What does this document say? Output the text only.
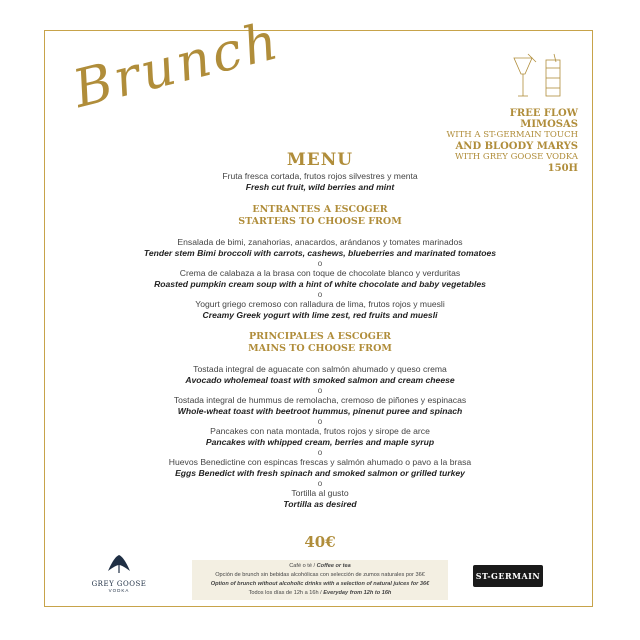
Brunch	FREE FLOW
MIMOSAS
WITH A ST-GERMAIN TOUCH
AND BLOODY MARYS
WITH GREY GOOSE VODKA
150H
MENU
Fruta fresca cortada, frutos rojos silvestres y menta
Fresh cut fruit, wild berries and mint
ENTRANTES A ESCOGER
STARTERS TO CHOOSE FROM
Ensalada de bimi, zanahorias, anacardos, arándanos y tomates marinados
Tender stem Bimi broccoli with carrots, cashews, blueberries and marinated tomatoes
o
Crema de calabaza a la brasa con toque de chocolate blanco y verduritas
Roasted pumpkin cream soup with a hint of white chocolate and baby vegetables
o
Yogurt griego cremoso con ralladura de lima, frutos rojos y muesli
Creamy Greek yogurt with lime zest, red fruits and muesli
PRINCIPALES A ESCOGER
MAINS TO CHOOSE FROM
Tostada integral de aguacate con salmón ahumado y queso crema
Avocado wholemeal toast with smoked salmon and cream cheese
o
Tostada integral de hummus de remolacha, cremoso de piñones y espinacas
Whole-wheat toast with beetroot hummus, pinenut puree and spinach
o
Pancakes con nata montada, frutos rojos y sirope de arce
Pancakes with whipped cream, berries and maple syrup
o
Huevos Benedictine con espincas frescas y salmón ahumado o pavo a la brasa
Eggs Benedict with fresh spinach and smoked salmon or grilled turkey
o
Tortilla al gusto
Tortilla as desired
40€
GREY GOOSE
VODKA
Café o té / Coffee or tea
Opción de brunch sin bebidas alcohólicas con selección de zumos naturales por 36€
Option of brunch without alcoholic drinks with a selection of natural juices for 36€
Todos los días de 12h a 16h / Everyday from 12h to 16h
ST-GERMAIN
